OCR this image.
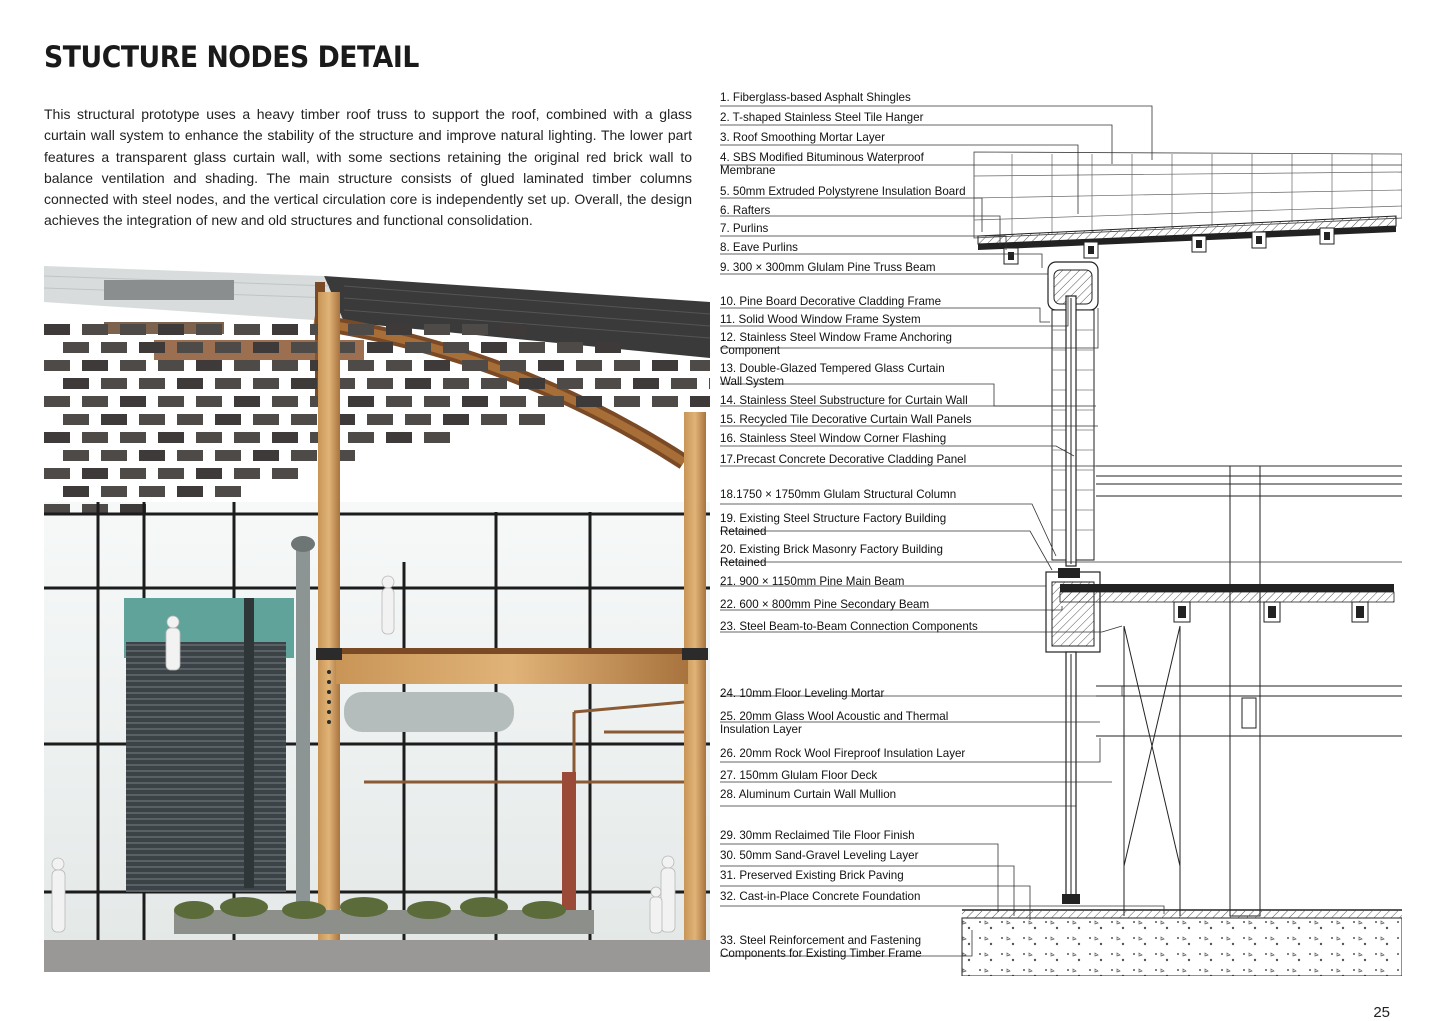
STUCTURE NODES DETAIL

This structural prototype uses a heavy timber roof truss to support the roof, combined with a glass curtain wall system to enhance the stability of the structure and improve natural lighting. The lower part features a transparent glass curtain wall, with some sections retaining the original red brick wall to balance ventilation and shading. The main structure consists of glued laminated timber columns connected with steel nodes, and the vertical circulation core is independently set up. Overall, the design achieves the integration of new and old structures and functional consolidation.

1. Fiberglass-based Asphalt Shingles

2. T-shaped Stainless Steel Tile Hanger

3. Roof Smoothing Mortar Layer

4. SBS Modified Bituminous Waterproof Membrane

5. 50mm Extruded Polystyrene Insulation Board

6. Rafters

7. Purlins

8. Eave Purlins

9. 300 × 300mm Glulam Pine Truss Beam

10. Pine Board Decorative Cladding Frame

11. Solid Wood Window Frame System

12. Stainless Steel Window Frame Anchoring Component

13. Double-Glazed Tempered Glass Curtain Wall System

14. Stainless Steel Substructure for Curtain Wall

15. Recycled Tile Decorative Curtain Wall Panels

16. Stainless Steel Window Corner Flashing

17.Precast Concrete Decorative Cladding Panel

18.1750 × 1750mm Glulam Structural Column

19. Existing Steel Structure Factory Building Retained

20. Existing Brick Masonry Factory Building Retained

21. 900 × 1150mm Pine Main Beam

22. 600 × 800mm Pine Secondary Beam

23. Steel Beam-to-Beam Connection Components

24. 10mm Floor Leveling Mortar

25. 20mm Glass Wool Acoustic and Thermal Insulation Layer

26. 20mm Rock Wool Fireproof Insulation Layer

27. 150mm Glulam Floor Deck

28. Aluminum Curtain Wall Mullion

29. 30mm Reclaimed Tile Floor Finish

30. 50mm Sand-Gravel Leveling Layer

31. Preserved Existing Brick Paving

32. Cast-in-Place Concrete Foundation

33. Steel Reinforcement and Fastening Components for Existing Timber Frame

25
